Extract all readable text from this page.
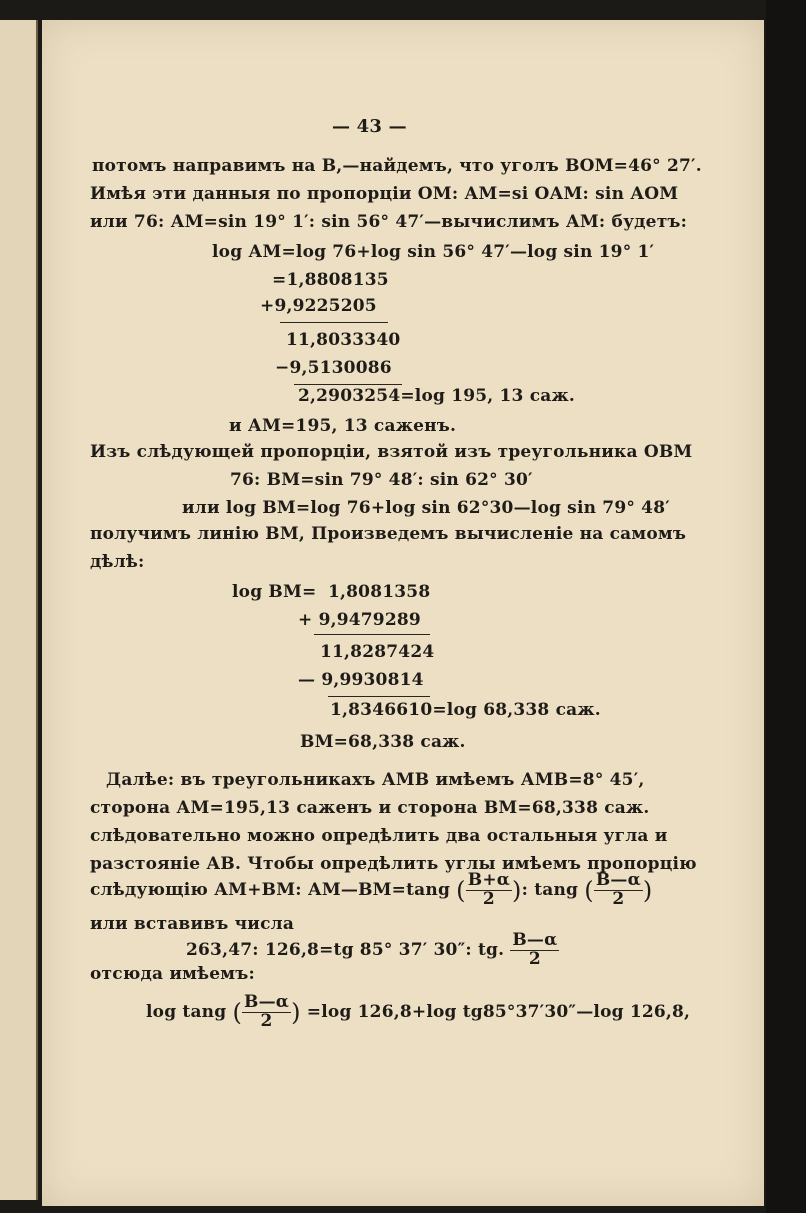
— 43 —
потомъ направимъ на В,—найдемъ, что уголъ ВОМ=46° 27′.
Имѣя эти данныя по пропорціи ОМ: АМ=si ОАМ: sin АОМ
или 76: АМ=sin 19° 1′: sin 56° 47′—вычислимъ АМ: будетъ:
log АМ=log 76+log sin 56° 47′—log sin 19° 1′
=1,8808135
+9,9225205
11,8033340
−9,5130086
2,2903254=log 195, 13 саж.
и АМ=195, 13 саженъ.
Изъ слѣдующей пропорціи, взятой изъ треугольника ОВМ
76: ВМ=sin 79° 48′: sin 62° 30′
или log ВМ=log 76+log sin 62°30—log sin 79° 48′
получимъ линію ВМ, Произведемъ вычисленіе на самомъ
дѣлѣ:
log ВМ= 1,8081358
+ 9,9479289
11,8287424
— 9,9930814
1,8346610=log 68,338 саж.
ВМ=68,338 саж.
Далѣе: въ треугольникахъ АМВ имѣемъ АМВ=8° 45′,
сторона АМ=195,13 саженъ и сторона ВМ=68,338 саж.
слѣдовательно можно опредѣлить два остальныя угла и
разстояніе АВ. Чтобы опредѣлить углы имѣемъ пропорцію
слѣдующію АМ+ВМ: АМ—ВМ=tang ( $\frac{В+\alpha}{2}$ ): tang ( $\frac{В—\alpha}{2}$ )
или вставивъ числа
263,47: 126,8=tg 85° 37′ 30″: tg. $\frac{В—\alpha}{2}$
отсюда имѣемъ:
log tang ( $\frac{В—\alpha}{2}$ ) =log 126,8+log tg85°37′30″—log 126,8,
